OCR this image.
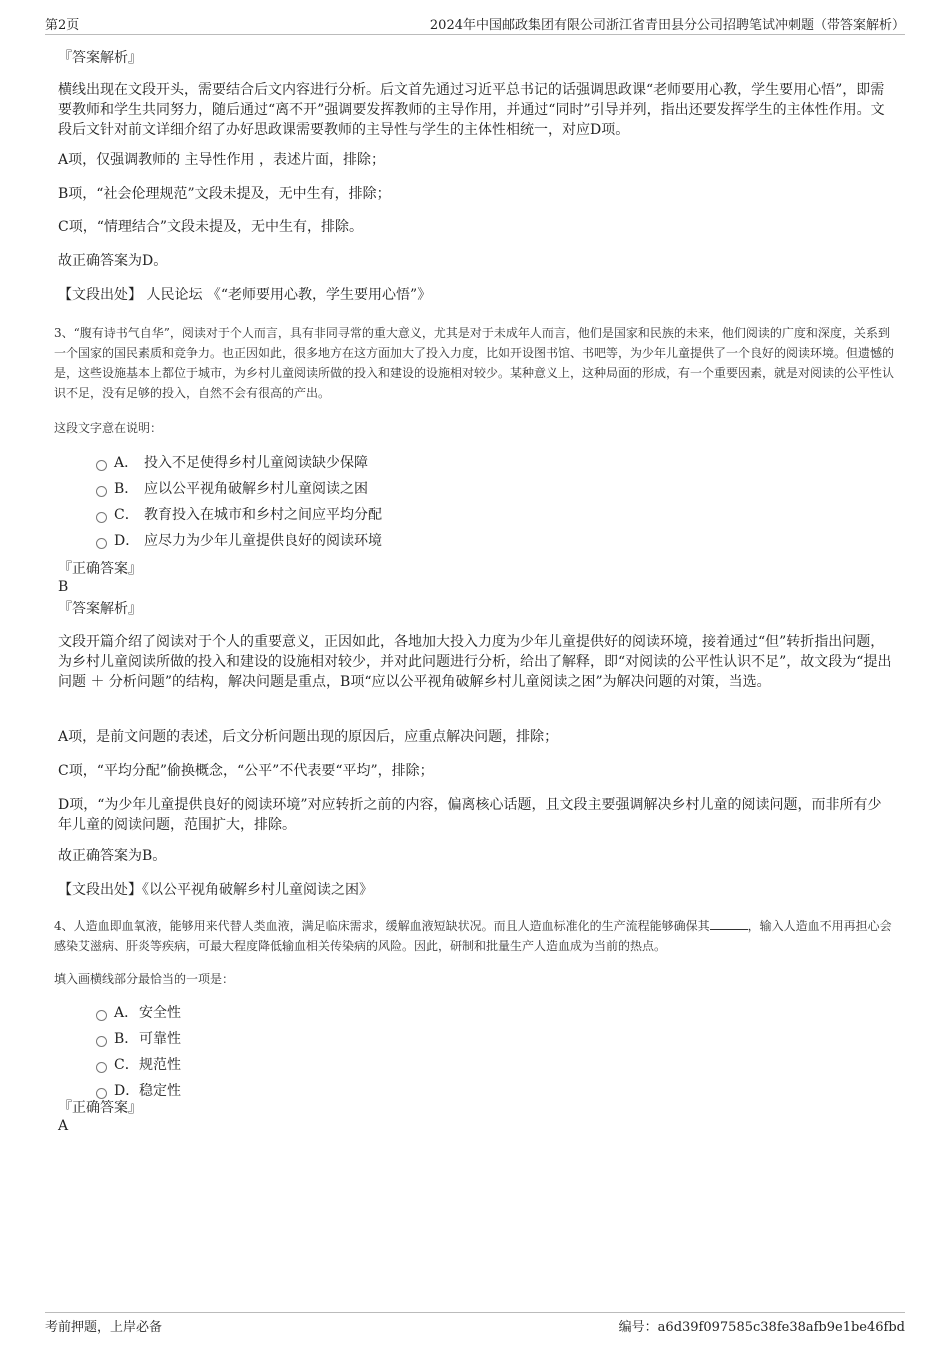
第2页	2024年中国邮政集团有限公司浙江省青田县分公司招聘笔试冲刺题（带答案解析）
『答案解析』

横线出现在文段开头，需要结合后文内容进行分析。后文首先通过习近平总书记的话强调思政课“老师要用心教，学生要用心悟”，即需要教师和学生共同努力，随后通过“离不开”强调要发挥教师的主导作用，并通过“同时”引导并列，指出还要发挥学生的主体性作用。文段后文针对前文详细介绍了办好思政课需要教师的主导性与学生的主体性相统一，对应D项。

A项，仅强调教师的 主导性作用 ，表述片面，排除；

B项，“社会伦理规范”文段未提及，无中生有，排除；

C项，“情理结合”文段未提及，无中生有，排除。

故正确答案为D。

【文段出处】 人民论坛 《“老师要用心教，学生要用心悟”》

3、“腹有诗书气自华”，阅读对于个人而言，具有非同寻常的重大意义，尤其是对于未成年人而言，他们是国家和民族的未来，他们阅读的广度和深度，关系到一个国家的国民素质和竞争力。也正因如此，很多地方在这方面加大了投入力度，比如开设图书馆、书吧等，为少年儿童提供了一个良好的阅读环境。但遗憾的是，这些设施基本上都位于城市，为乡村儿童阅读所做的投入和建设的设施相对较少。某种意义上，这种局面的形成，有一个重要因素，就是对阅读的公平性认识不足，没有足够的投入，自然不会有很高的产出。

这段文字意在说明：

A． 投入不足使得乡村儿童阅读缺少保障
B． 应以公平视角破解乡村儿童阅读之困
C． 教育投入在城市和乡村之间应平均分配
D． 应尽力为少年儿童提供良好的阅读环境
『正确答案』
B
『答案解析』

文段开篇介绍了阅读对于个人的重要意义，正因如此，各地加大投入力度为少年儿童提供好的阅读环境，接着通过“但”转折指出问题，为乡村儿童阅读所做的投入和建设的设施相对较少，并对此问题进行分析，给出了解释，即“对阅读的公平性认识不足”，故文段为“提出问题 ＋ 分析问题”的结构，解决问题是重点，B项“应以公平视角破解乡村儿童阅读之困”为解决问题的对策，当选。

A项，是前文问题的表述，后文分析问题出现的原因后，应重点解决问题，排除；

C项，“平均分配”偷换概念，“公平”不代表要“平均”，排除；

D项，“为少年儿童提供良好的阅读环境”对应转折之前的内容，偏离核心话题，且文段主要强调解决乡村儿童的阅读问题，而非所有少年儿童的阅读问题，范围扩大，排除。

故正确答案为B。

【文段出处】《以公平视角破解乡村儿童阅读之困》

4、人造血即血氧液，能够用来代替人类血液，满足临床需求，缓解血液短缺状况。而且人造血标准化的生产流程能够确保其	，输入人造血不用再担心会感染艾滋病、肝炎等疾病，可最大程度降低输血相关传染病的风险。因此，研制和批量生产人造血成为当前的热点。

填入画横线部分最恰当的一项是：

A． 安全性
B． 可靠性
C． 规范性
D． 稳定性
『正确答案』
A
考前押题，上岸必备	编号：a6d39f097585c38fe38afb9e1be46fbd
